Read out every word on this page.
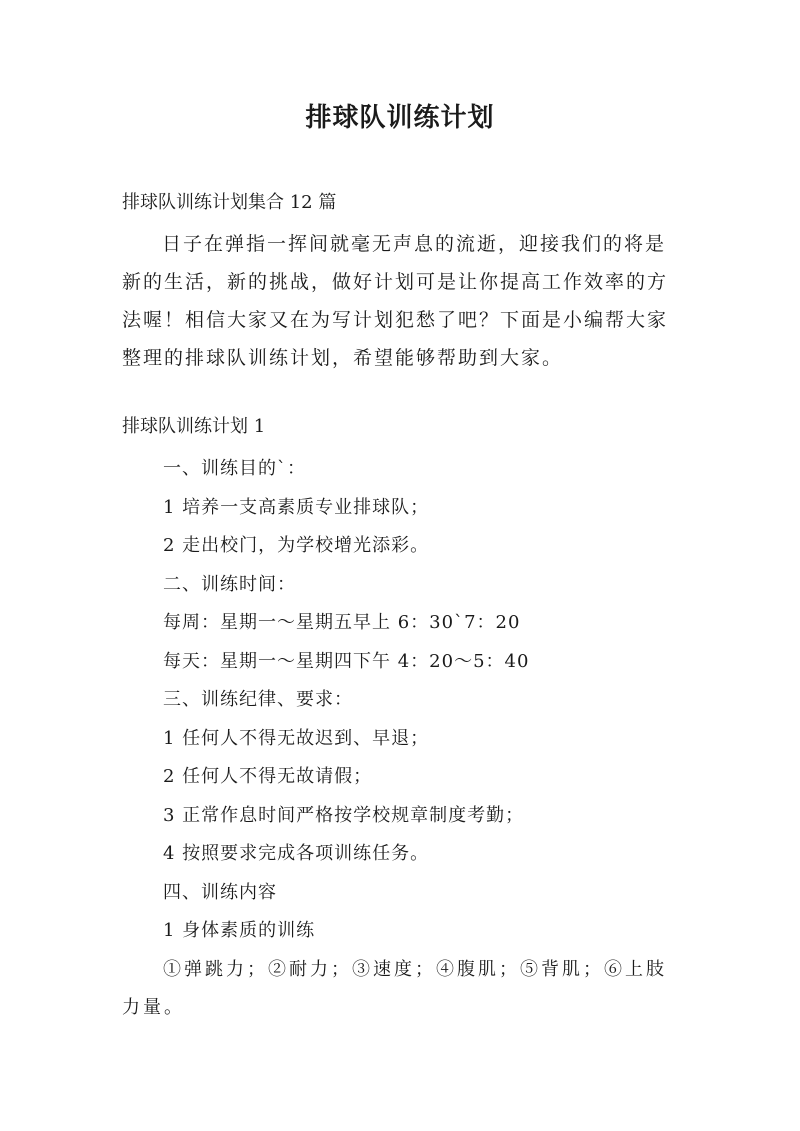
排球队训练计划
排球队训练计划集合 12 篇

日子在弹指一挥间就毫无声息的流逝，迎接我们的将是新的生活，新的挑战，做好计划可是让你提高工作效率的方法喔！相信大家又在为写计划犯愁了吧？下面是小编帮大家整理的排球队训练计划，希望能够帮助到大家。

排球队训练计划 1
一、训练目的`：
1 培养一支高素质专业排球队；
2 走出校门，为学校增光添彩。
二、训练时间：
每周：星期一～星期五早上 6：30`7：20
每天：星期一～星期四下午 4：20～5：40
三、训练纪律、要求：
1 任何人不得无故迟到、早退；
2 任何人不得无故请假；
3 正常作息时间严格按学校规章制度考勤；
4 按照要求完成各项训练任务。
四、训练内容
1 身体素质的训练

①弹跳力；②耐力；③速度；④腹肌；⑤背肌；⑥上肢力量。
